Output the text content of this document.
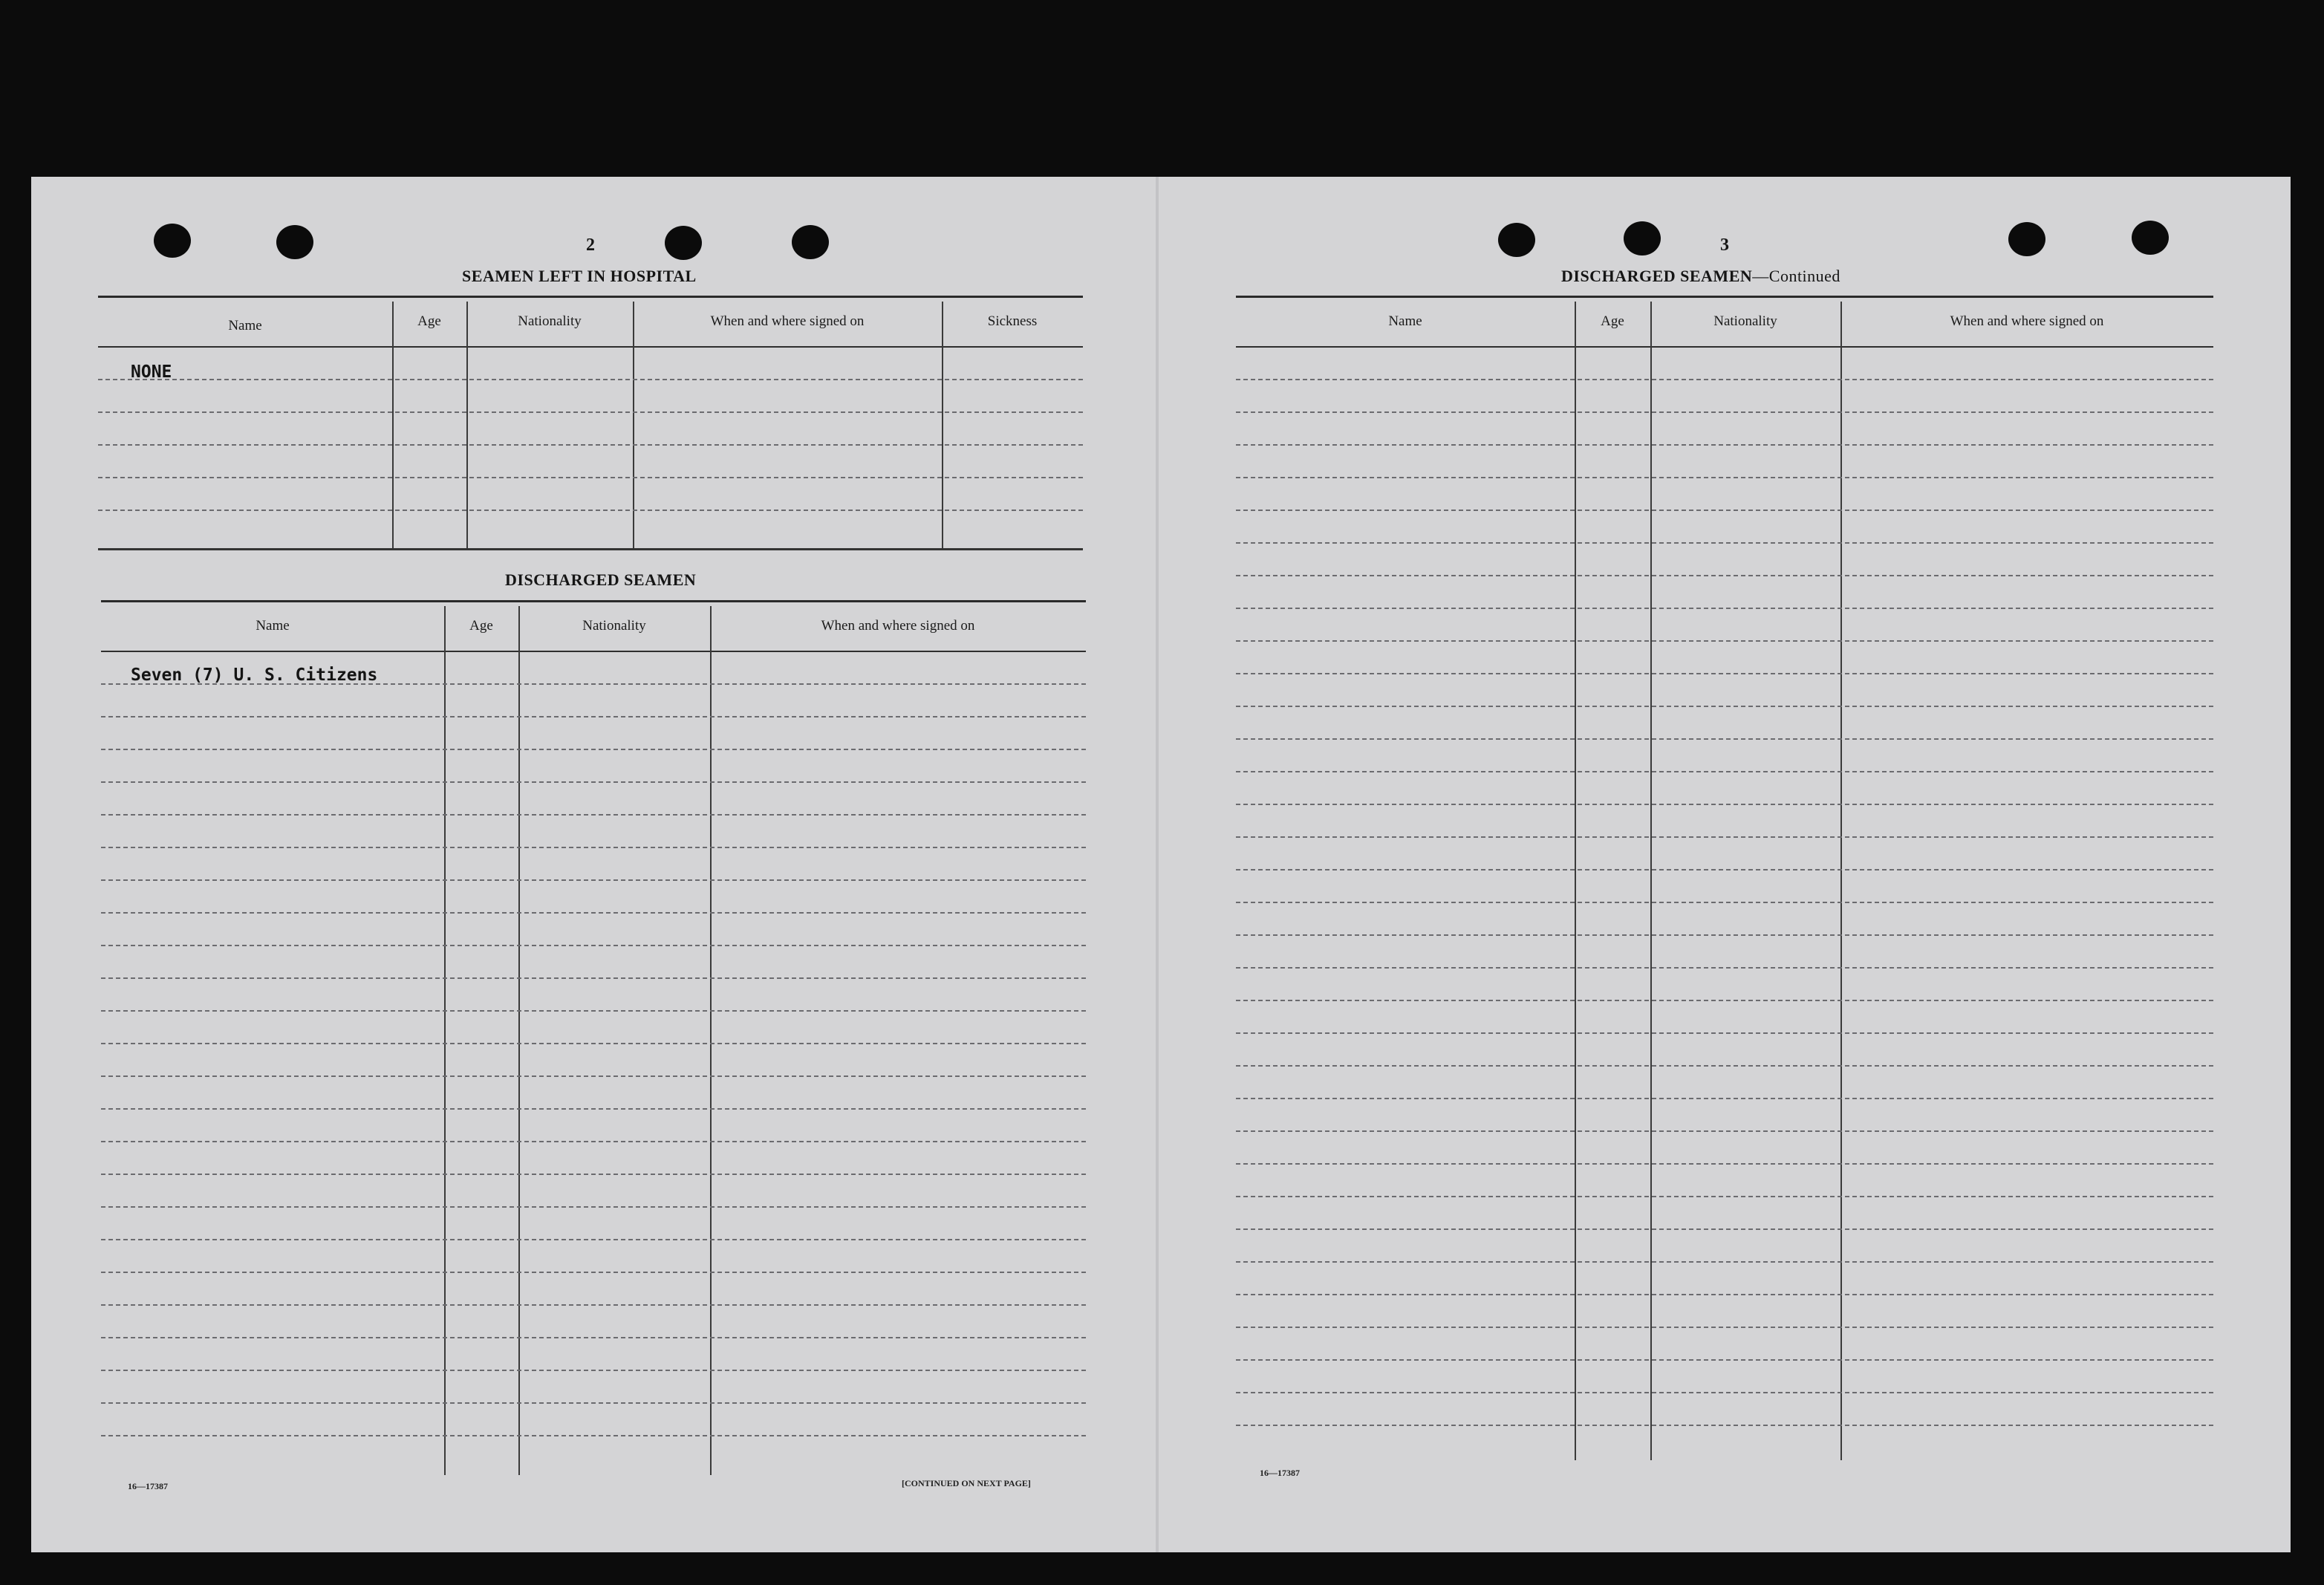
2
SEAMEN LEFT IN HOSPITAL
Name	Age	Nationality	When and where signed on	Sickness
NONE
DISCHARGED SEAMEN
Name	Age	Nationality	When and where signed on
Seven (7) U. S. Citizens
16—17387	[CONTINUED ON NEXT PAGE]
3
DISCHARGED SEAMEN—Continued
Name	Age	Nationality	When and where signed on
16—17387
